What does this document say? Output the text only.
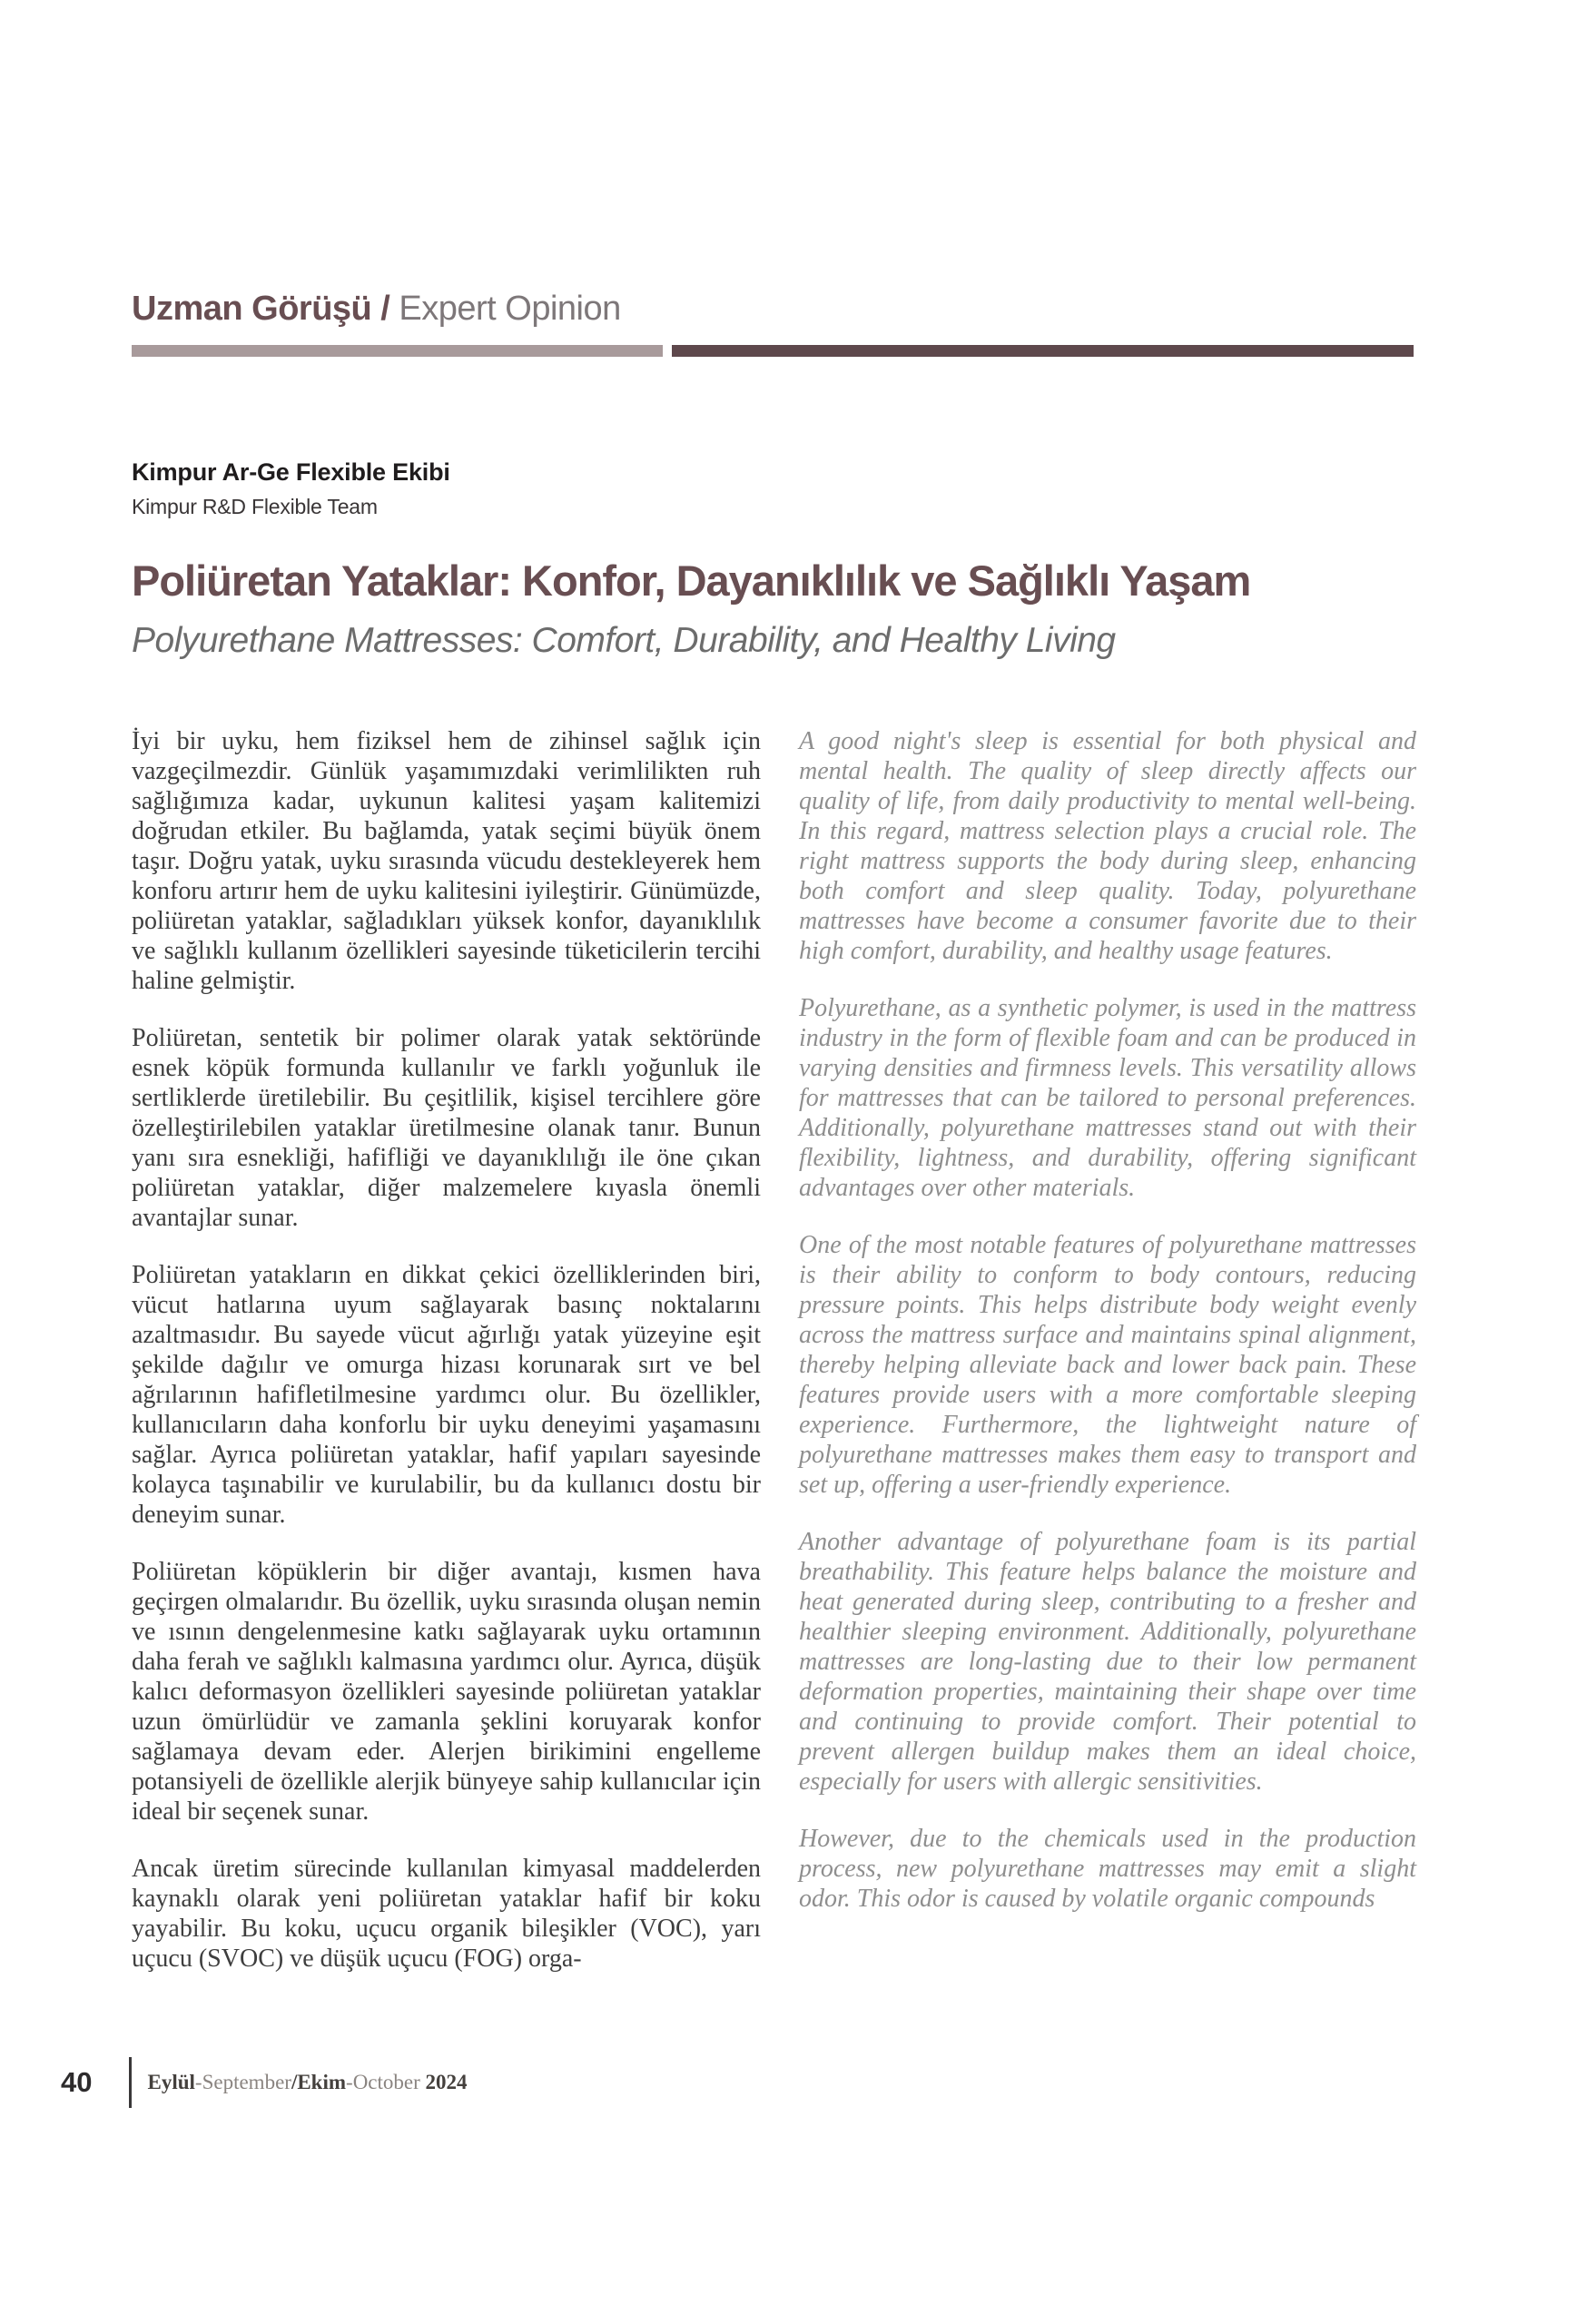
Uzman Görüşü / Expert Opinion
Kimpur Ar-Ge Flexible Ekibi
Kimpur R&D Flexible Team
Poliüretan Yataklar: Konfor, Dayanıklılık ve Sağlıklı Yaşam
Polyurethane Mattresses: Comfort, Durability, and Healthy Living

İyi bir uyku, hem fiziksel hem de zihinsel sağlık için vazgeçilmezdir. Günlük yaşamımızdaki verimlilikten ruh sağlığımıza kadar, uykunun kalitesi yaşam kalitemizi doğrudan etkiler. Bu bağlamda, yatak seçimi büyük önem taşır. Doğru yatak, uyku sırasında vücudu destekleyerek hem konforu artırır hem de uyku kalitesini iyileştirir. Günümüzde, poliüretan yataklar, sağladıkları yüksek konfor, dayanıklılık ve sağlıklı kullanım özellikleri sayesinde tüketicilerin tercihi haline gelmiştir.

Poliüretan, sentetik bir polimer olarak yatak sektöründe esnek köpük formunda kullanılır ve farklı yoğunluk ile sertliklerde üretilebilir. Bu çeşitlilik, kişisel tercihlere göre özelleştirilebilen yataklar üretilmesine olanak tanır. Bunun yanı sıra esnekliği, hafifliği ve dayanıklılığı ile öne çıkan poliüretan yataklar, diğer malzemelere kıyasla önemli avantajlar sunar.

Poliüretan yatakların en dikkat çekici özelliklerinden biri, vücut hatlarına uyum sağlayarak basınç noktalarını azaltmasıdır. Bu sayede vücut ağırlığı yatak yüzeyine eşit şekilde dağılır ve omurga hizası korunarak sırt ve bel ağrılarının hafifletilmesine yardımcı olur. Bu özellikler, kullanıcıların daha konforlu bir uyku deneyimi yaşamasını sağlar. Ayrıca poliüretan yataklar, hafif yapıları sayesinde kolayca taşınabilir ve kurulabilir, bu da kullanıcı dostu bir deneyim sunar.

Poliüretan köpüklerin bir diğer avantajı, kısmen hava geçirgen olmalarıdır. Bu özellik, uyku sırasında oluşan nemin ve ısının dengelenmesine katkı sağlayarak uyku ortamının daha ferah ve sağlıklı kalmasına yardımcı olur. Ayrıca, düşük kalıcı deformasyon özellikleri sayesinde poliüretan yataklar uzun ömürlüdür ve zamanla şeklini koruyarak konfor sağlamaya devam eder. Alerjen birikimini engelleme potansiyeli de özellikle alerjik bünyeye sahip kullanıcılar için ideal bir seçenek sunar.

Ancak üretim sürecinde kullanılan kimyasal maddelerden kaynaklı olarak yeni poliüretan yataklar hafif bir koku yayabilir. Bu koku, uçucu organik bileşikler (VOC), yarı uçucu (SVOC) ve düşük uçucu (FOG) orga-

A good night's sleep is essential for both physical and mental health. The quality of sleep directly affects our quality of life, from daily productivity to mental well-being. In this regard, mattress selection plays a crucial role. The right mattress supports the body during sleep, enhancing both comfort and sleep quality. Today, polyurethane mattresses have become a consumer favorite due to their high comfort, durability, and healthy usage features.

Polyurethane, as a synthetic polymer, is used in the mattress industry in the form of flexible foam and can be produced in varying densities and firmness levels. This versatility allows for mattresses that can be tailored to personal preferences. Additionally, polyurethane mattresses stand out with their flexibility, lightness, and durability, offering significant advantages over other materials.

One of the most notable features of polyurethane mattresses is their ability to conform to body contours, reducing pressure points. This helps distribute body weight evenly across the mattress surface and maintains spinal alignment, thereby helping alleviate back and lower back pain. These features provide users with a more comfortable sleeping experience. Furthermore, the lightweight nature of polyurethane mattresses makes them easy to transport and set up, offering a user-friendly experience.

Another advantage of polyurethane foam is its partial breathability. This feature helps balance the moisture and heat generated during sleep, contributing to a fresher and healthier sleeping environment. Additionally, polyurethane mattresses are long-lasting due to their low permanent deformation properties, maintaining their shape over time and continuing to provide comfort. Their potential to prevent allergen buildup makes them an ideal choice, especially for users with allergic sensitivities.

However, due to the chemicals used in the production process, new polyurethane mattresses may emit a slight odor. This odor is caused by volatile organic compounds

40	Eylül-September/Ekim-October 2024
